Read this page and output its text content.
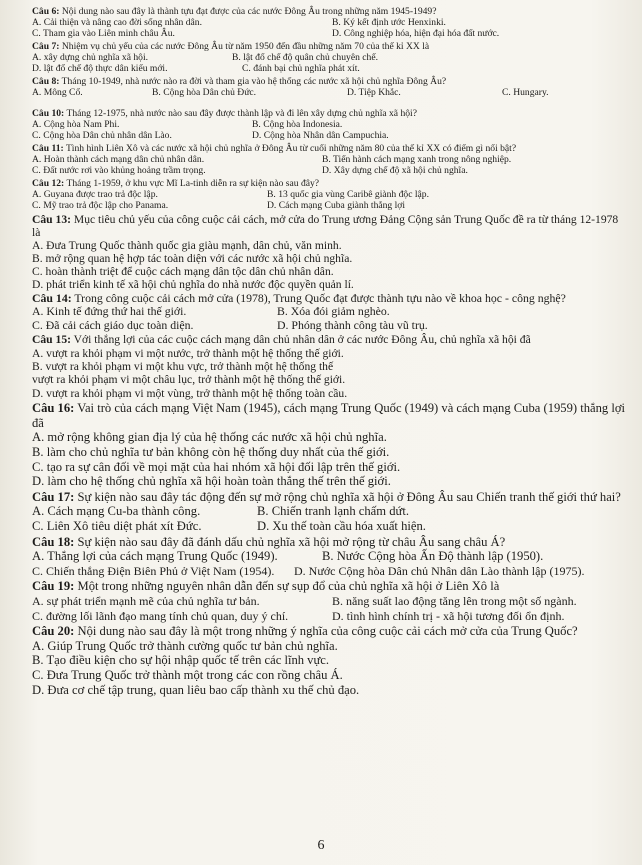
Câu 6: Nội dung nào sau đây là thành tựu đạt được của các nước Đông Âu trong những năm 1945-1949?
A. Cải thiện và nâng cao đời sống nhân dân.	B. Ký kết định ước Henxinki.
C. Tham gia vào Liên minh châu Âu.	D. Công nghiệp hóa, hiện đại hóa đất nước.
Câu 7: Nhiệm vụ chủ yếu của các nước Đông Âu từ năm 1950 đến đầu những năm 70 của thế kỉ XX là
A. xây dựng chủ nghĩa xã hội.	B. lật đổ chế độ quân chủ chuyên chế.
D. lật đổ chế độ thực dân kiểu mới.	C. đánh bại chủ nghĩa phát xít.
Câu 8: Tháng 10-1949, nhà nước nào ra đời và tham gia vào hệ thống các nước xã hội chủ nghĩa Đông Âu?
A. Mông Cổ.	B. Cộng hòa Dân chủ Đức.	D. Tiệp Khắc.	C. Hungary.
Câu 10: Tháng 12-1975, nhà nước nào sau đây được thành lập và đi lên xây dựng chủ nghĩa xã hội?
A. Cộng hòa Nam Phi.	B. Cộng hòa Indonesia.
C. Cộng hòa Dân chủ nhân dân Lào.	D. Cộng hòa Nhân dân Campuchia.
Câu 11: Tình hình Liên Xô và các nước xã hội chủ nghĩa ở Đông Âu từ cuối những năm 80 của thế kỉ XX có điểm gì nổi bật?
A. Hoàn thành cách mạng dân chủ nhân dân.	B. Tiến hành cách mạng xanh trong nông nghiệp.
C. Đất nước rơi vào khủng hoảng trầm trọng.	D. Xây dựng chế độ xã hội chủ nghĩa.
Câu 12: Tháng 1-1959, ở khu vực Mĩ La-tinh diễn ra sự kiện nào sau đây?
A. Guyana được trao trả độc lập.	B. 13 quốc gia vùng Caribê giành độc lập.
C. Mỹ trao trả độc lập cho Panama.	D. Cách mạng Cuba giành thắng lợi
Câu 13: Mục tiêu chủ yếu của công cuộc cải cách, mở cửa do Trung ương Đảng Cộng sản Trung Quốc đề ra từ tháng 12-1978 là
A. Đưa Trung Quốc thành quốc gia giàu mạnh, dân chủ, văn minh.
B. mở rộng quan hệ hợp tác toàn diện với các nước xã hội chủ nghĩa.
C. hoàn thành triệt để cuộc cách mạng dân tộc dân chủ nhân dân.
D. phát triển kinh tế xã hội chủ nghĩa do nhà nước độc quyền quản lí.
Câu 14: Trong công cuộc cải cách mở cửa (1978), Trung Quốc đạt được thành tựu nào về khoa học - công nghệ?
A. Kinh tế đứng thứ hai thế giới.	B. Xóa đói giảm nghèo.
C. Đã cải cách giáo dục toàn diện.	D. Phóng thành công tàu vũ trụ.
Câu 15: Với thắng lợi của các cuộc cách mạng dân chủ nhân dân ở các nước Đông Âu, chủ nghĩa xã hội đã
A. vượt ra khỏi phạm vi một nước, trở thành một hệ thống thế giới.
B. vượt ra khỏi phạm vi một khu vực, trở thành một hệ thống thế
vượt ra khỏi phạm vi một châu lục, trở thành một hệ thống thế giới.
D. vượt ra khỏi phạm vi một vùng, trở thành một hệ thống toàn cầu.
Câu 16: Vai trò của cách mạng Việt Nam (1945), cách mạng Trung Quốc (1949) và cách mạng Cuba (1959) thắng lợi đã
A. mở rộng không gian địa lý của hệ thống các nước xã hội chủ nghĩa.
B. làm cho chủ nghĩa tư bản không còn hệ thống duy nhất của thế giới.
C. tạo ra sự cân đối về mọi mặt của hai nhóm xã hội đối lập trên thế giới.
D. làm cho hệ thống chủ nghĩa xã hội hoàn toàn thắng thế trên thế giới.
Câu 17: Sự kiện nào sau đây tác động đến sự mở rộng chủ nghĩa xã hội ở Đông Âu sau Chiến tranh thế giới thứ hai?
A. Cách mạng Cu-ba thành công.	B. Chiến tranh lạnh chấm dứt.
C. Liên Xô tiêu diệt phát xít Đức.	D. Xu thế toàn cầu hóa xuất hiện.
Câu 18: Sự kiện nào sau đây đã đánh dấu chủ nghĩa xã hội mở rộng từ châu Âu sang châu Á?
A. Thắng lợi của cách mạng Trung Quốc (1949).	B. Nước Cộng hòa Ấn Độ thành lập (1950).
C. Chiến thắng Điện Biên Phủ ở Việt Nam (1954).	D. Nước Cộng hòa Dân chủ Nhân dân Lào thành lập (1975).
Câu 19: Một trong những nguyên nhân dẫn đến sự sụp đổ của chủ nghĩa xã hội ở Liên Xô là
A. sự phát triển mạnh mẽ của chủ nghĩa tư bản.	B. năng suất lao động tăng lên trong một số ngành.
C. đường lối lãnh đạo mang tính chủ quan, duy ý chí.	D. tình hình chính trị - xã hội tương đối ổn định.
Câu 20: Nội dung nào sau đây là một trong những ý nghĩa của công cuộc cải cách mở cửa của Trung Quốc?
A. Giúp Trung Quốc trở thành cường quốc tư bản chủ nghĩa.
B. Tạo điều kiện cho sự hội nhập quốc tế trên các lĩnh vực.
C. Đưa Trung Quốc trở thành một trong các con rồng châu Á.
D. Đưa cơ chế tập trung, quan liêu bao cấp thành xu thế chủ đạo.
6
